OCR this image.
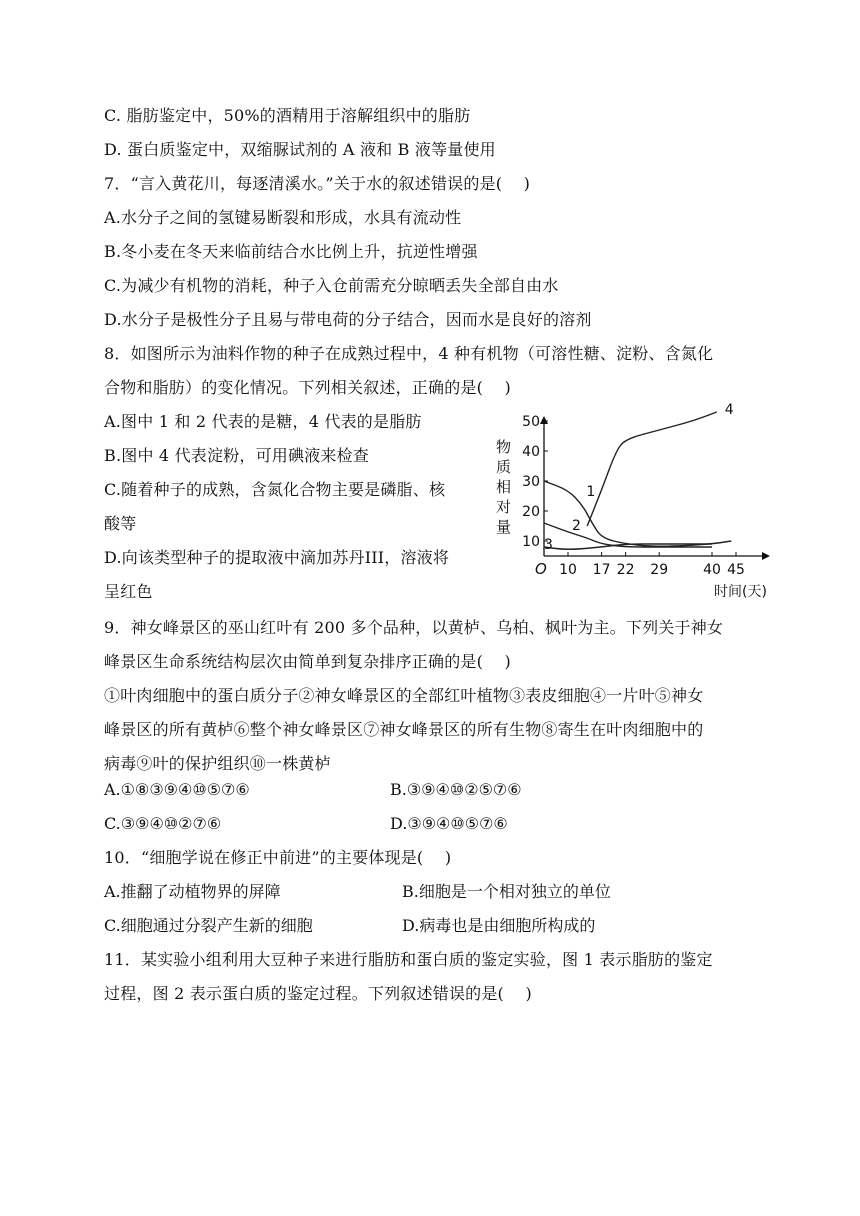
C. 脂肪鉴定中，50%的酒精用于溶解组织中的脂肪
D. 蛋白质鉴定中，双缩脲试剂的 A 液和 B 液等量使用
7．“言入黄花川，每逐清溪水。”关于水的叙述错误的是(　 )
A.水分子之间的氢键易断裂和形成，水具有流动性
B.冬小麦在冬天来临前结合水比例上升，抗逆性增强
C.为减少有机物的消耗，种子入仓前需充分晾晒丢失全部自由水
D.水分子是极性分子且易与带电荷的分子结合，因而水是良好的溶剂
8．如图所示为油料作物的种子在成熟过程中，4 种有机物（可溶性糖、淀粉、含氮化
合物和脂肪）的变化情况。下列相关叙述，正确的是(　 )
A.图中 1 和 2 代表的是糖，4 代表的是脂肪
B.图中 4 代表淀粉，可用碘液来检查
C.随着种子的成熟，含氮化合物主要是磷脂、核
酸等
D.向该类型种子的提取液中滴加苏丹III，溶液将
呈红色
9．神女峰景区的巫山红叶有 200 多个品种，以黄栌、乌柏、枫叶为主。下列关于神女
峰景区生命系统结构层次由简单到复杂排序正确的是(　 )
①叶肉细胞中的蛋白质分子②神女峰景区的全部红叶植物③表皮细胞④一片叶⑤神女
峰景区的所有黄栌⑥整个神女峰景区⑦神女峰景区的所有生物⑧寄生在叶肉细胞中的
病毒⑨叶的保护组织⑩一株黄栌
A.①⑧③⑨④⑩⑤⑦⑥	B.③⑨④⑩②⑤⑦⑥
C.③⑨④⑩②⑦⑥	D.③⑨④⑩⑤⑦⑥
10．“细胞学说在修正中前进”的主要体现是(　 )
A.推翻了动植物界的屏障	B.细胞是一个相对独立的单位
C.细胞通过分裂产生新的细胞	D.病毒也是由细胞所构成的
11．某实验小组利用大豆种子来进行脂肪和蛋白质的鉴定实验，图 1 表示脂肪的鉴定
过程，图 2 表示蛋白质的鉴定过程。下列叙述错误的是(　 )
10 17 22 29 40 45
10
20
30
40
50
1
2
3
4
物质相对量
时间(天)
O
